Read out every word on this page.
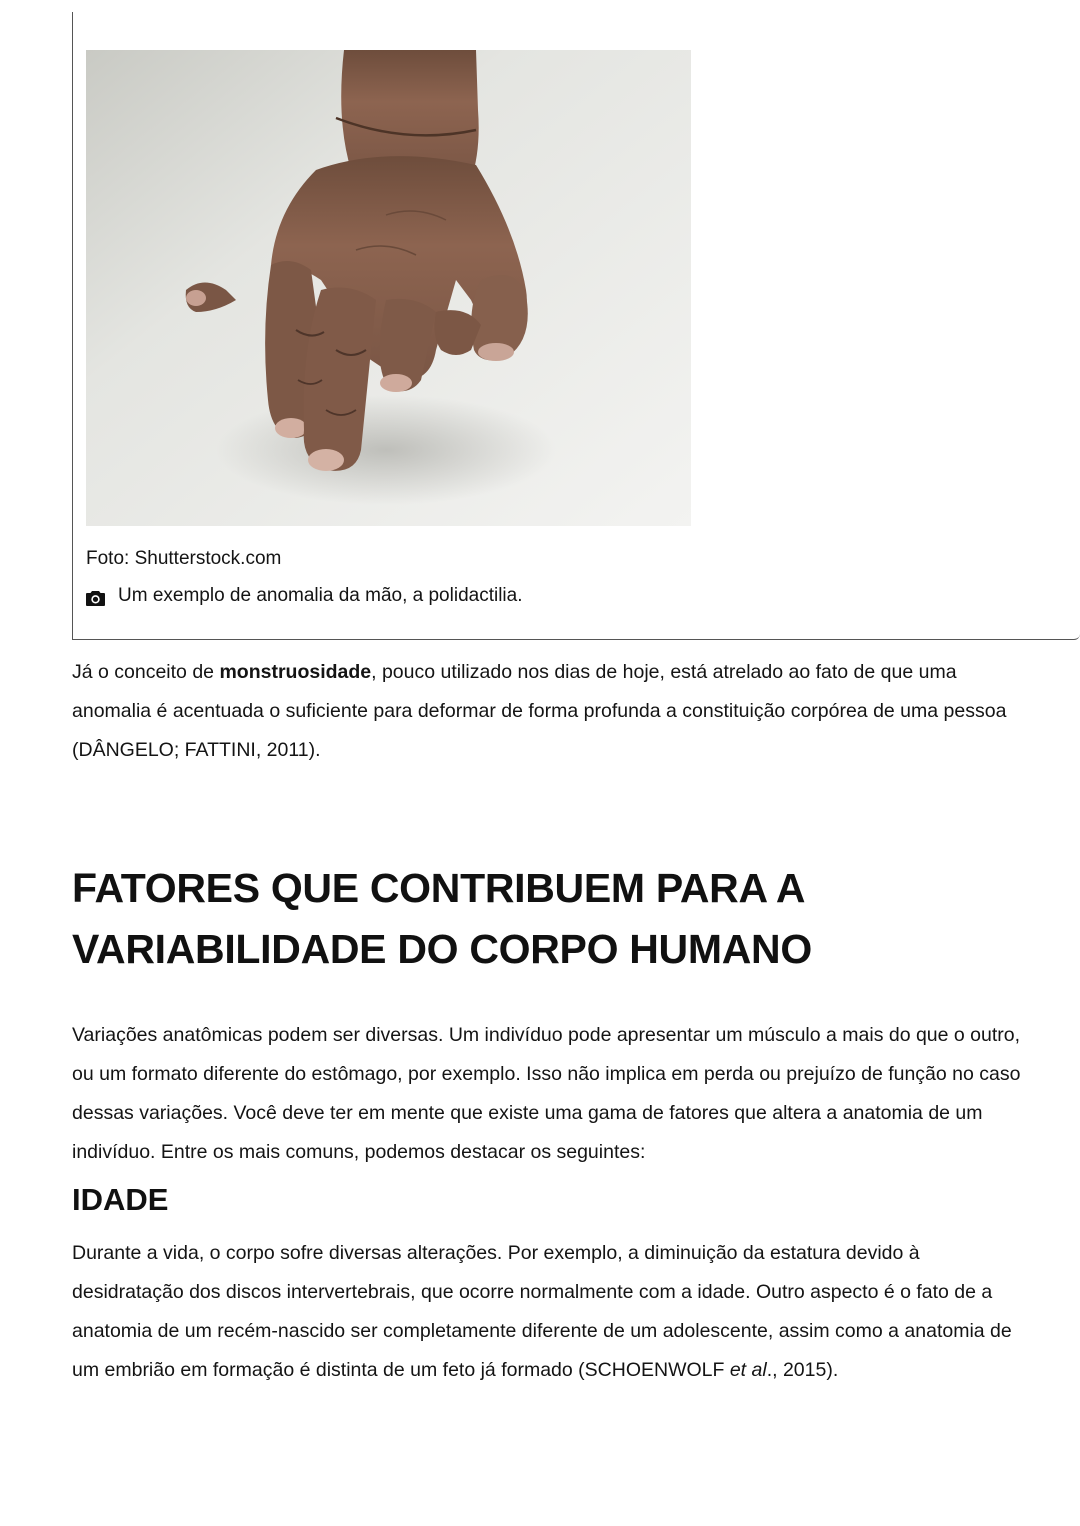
Foto: Shutterstock.com
Um exemplo de anomalia da mão, a polidactilia.

Já o conceito de monstruosidade, pouco utilizado nos dias de hoje, está atrelado ao fato de que uma anomalia é acentuada o suficiente para deformar de forma profunda a constituição corpórea de uma pessoa (DÂNGELO; FATTINI, 2011).

FATORES QUE CONTRIBUEM PARA A
VARIABILIDADE DO CORPO HUMANO

Variações anatômicas podem ser diversas. Um indivíduo pode apresentar um músculo a mais do que o outro, ou um formato diferente do estômago, por exemplo. Isso não implica em perda ou prejuízo de função no caso dessas variações. Você deve ter em mente que existe uma gama de fatores que altera a anatomia de um indivíduo. Entre os mais comuns, podemos destacar os seguintes:

IDADE

Durante a vida, o corpo sofre diversas alterações. Por exemplo, a diminuição da estatura devido à desidratação dos discos intervertebrais, que ocorre normalmente com a idade. Outro aspecto é o fato de a anatomia de um recém-nascido ser completamente diferente de um adolescente, assim como a anatomia de um embrião em formação é distinta de um feto já formado (SCHOENWOLF et al., 2015).
